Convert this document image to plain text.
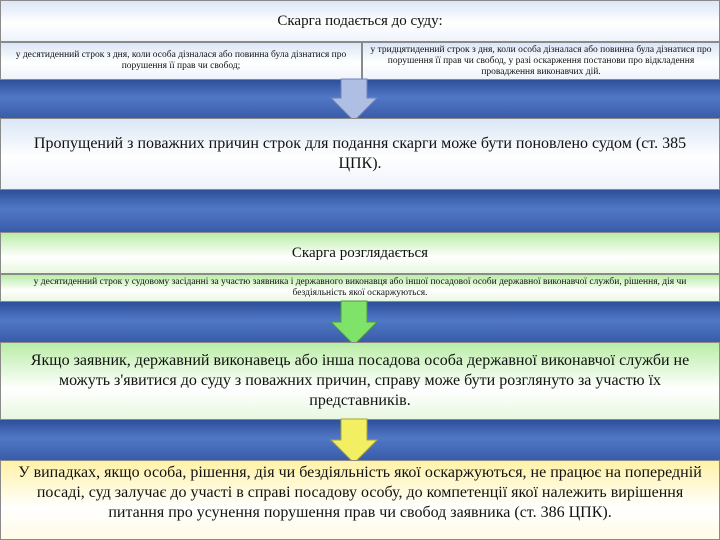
Скарга подається до суду:
у десятиденний строк з дня, коли особа дізналася або повинна була дізнатися про порушення її прав чи свобод;
у тридцятиденний строк з дня, коли особа дізналася або повинна була дізнатися про порушення її прав чи свобод, у разі оскарження постанови про відкладення провадження виконавчих дій.
Пропущений з поважних причин строк для подання скарги може бути поновлено судом (ст. 385 ЦПК).
Скарга розглядається
у десятиденний строк у судовому засіданні за участю заявника і державного виконавця або іншої посадової особи державної виконавчої служби, рішення, дія чи бездіяльність якої оскаржуються.
Якщо заявник, державний виконавець або інша посадова особа державної виконавчої служби не можуть з'явитися до суду з поважних причин, справу може бути розглянуто за участю їх представників.
У випадках, якщо особа, рішення, дія чи бездіяльність якої оскаржуються, не працює на попередній посаді, суд залучає до участі в справі посадову особу, до компетенції якої належить вирішення питання про усунення порушення прав чи свобод заявника (ст. 386 ЦПК).
